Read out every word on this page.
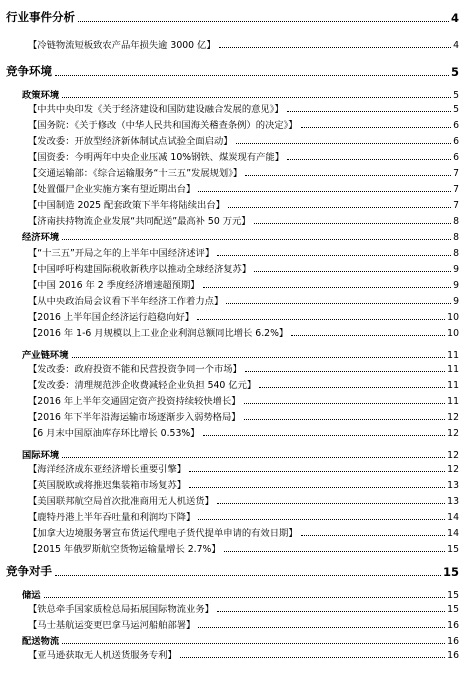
行业事件分析	4
【冷链物流短板致农产品年损失逾 3000 亿】	4
竞争环境	5
政策环境	5
【中共中央印发《关于经济建设和国防建设融合发展的意见》】	5
【国务院：《关于修改（中华人民共和国海关稽查条例）的决定》】	6
【发改委：开放型经济新体制试点试验全面启动】	6
【国资委：今明两年中央企业压减 10%钢铁、煤炭现有产能】	6
【交通运输部：《综合运输服务“十三五”发展规划》】	7
【处置僵尸企业实施方案有望近期出台】	7
【中国制造 2025 配套政策下半年将陆续出台】	7
【济南扶持物流企业发展“共同配送”最高补 50 万元】	8
经济环境	8
【“十三五”开局之年的上半年中国经济述评】	8
【中国呼吁构建国际税收新秩序以推动全球经济复苏】	9
【中国 2016 年 2 季度经济增速超预期】	9
【从中央政治局会议看下半年经济工作着力点】	9
【2016 上半年国企经济运行趋稳向好】	10
【2016 年 1-6 月规模以上工业企业利润总额同比增长 6.2%】	10
产业链环境	11
【发改委：政府投资不能和民营投资争同一个市场】	11
【发改委：清理规范涉企收费减轻企业负担 540 亿元】	11
【2016 年上半年交通固定资产投资持续较快增长】	11
【2016 年下半年沿海运输市场逐渐步入弱势格局】	12
【6 月末中国原油库存环比增长 0.53%】	12
国际环境	12
【海洋经济成东亚经济增长重要引擎】	12
【英国脱欧或将推迟集装箱市场复苏】	13
【美国联邦航空局首次批准商用无人机送货】	13
【鹿特丹港上半年吞吐量和利润均下降】	14
【加拿大边境服务署宣布货运代理电子货代提单申请的有效日期】	14
【2015 年俄罗斯航空货物运输量增长 2.7%】	15
竞争对手	15
储运	15
【铁总牵手国家质检总局拓展国际物流业务】	15
【马士基航运变更巴拿马运河船舶部署】	16
配送物流	16
【亚马逊获取无人机送货服务专利】	16
